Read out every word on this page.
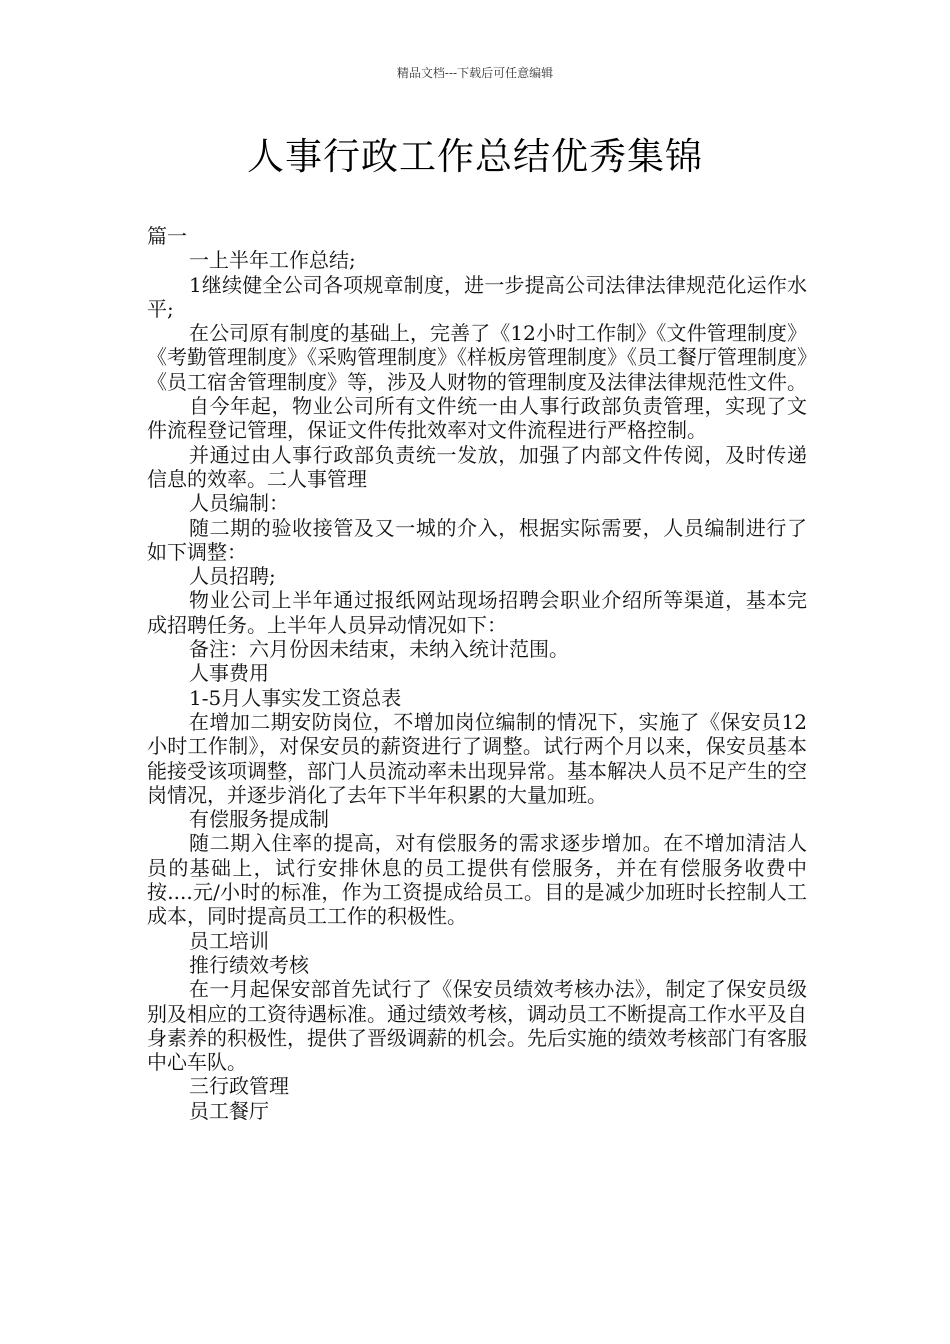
精品文档---下载后可任意编辑
人事行政工作总结优秀集锦

篇一

一上半年工作总结;

1继续健全公司各项规章制度，进一步提高公司法律法律规范化运作水平;

在公司原有制度的基础上，完善了《12小时工作制》《文件管理制度》《考勤管理制度》《采购管理制度》《样板房管理制度》《员工餐厅管理制度》《员工宿舍管理制度》等，涉及人财物的管理制度及法律法律规范性文件。

自今年起，物业公司所有文件统一由人事行政部负责管理，实现了文件流程登记管理，保证文件传批效率对文件流程进行严格控制。

并通过由人事行政部负责统一发放，加强了内部文件传阅，及时传递信息的效率。二人事管理

人员编制：

随二期的验收接管及又一城的介入，根据实际需要，人员编制进行了如下调整：

人员招聘;

物业公司上半年通过报纸网站现场招聘会职业介绍所等渠道，基本完成招聘任务。上半年人员异动情况如下：

备注：六月份因未结束，未纳入统计范围。

人事费用

1-5月人事实发工资总表

在增加二期安防岗位，不增加岗位编制的情况下，实施了《保安员12小时工作制》，对保安员的薪资进行了调整。试行两个月以来，保安员基本能接受该项调整，部门人员流动率未出现异常。基本解决人员不足产生的空岗情况，并逐步消化了去年下半年积累的大量加班。

有偿服务提成制

随二期入住率的提高，对有偿服务的需求逐步增加。在不增加清洁人员的基础上，试行安排休息的员工提供有偿服务，并在有偿服务收费中按....元/小时的标准，作为工资提成给员工。目的是减少加班时长控制人工成本，同时提高员工工作的积极性。

员工培训

推行绩效考核

在一月起保安部首先试行了《保安员绩效考核办法》，制定了保安员级别及相应的工资待遇标准。通过绩效考核，调动员工不断提高工作水平及自身素养的积极性，提供了晋级调薪的机会。先后实施的绩效考核部门有客服中心车队。

三行政管理

员工餐厅
